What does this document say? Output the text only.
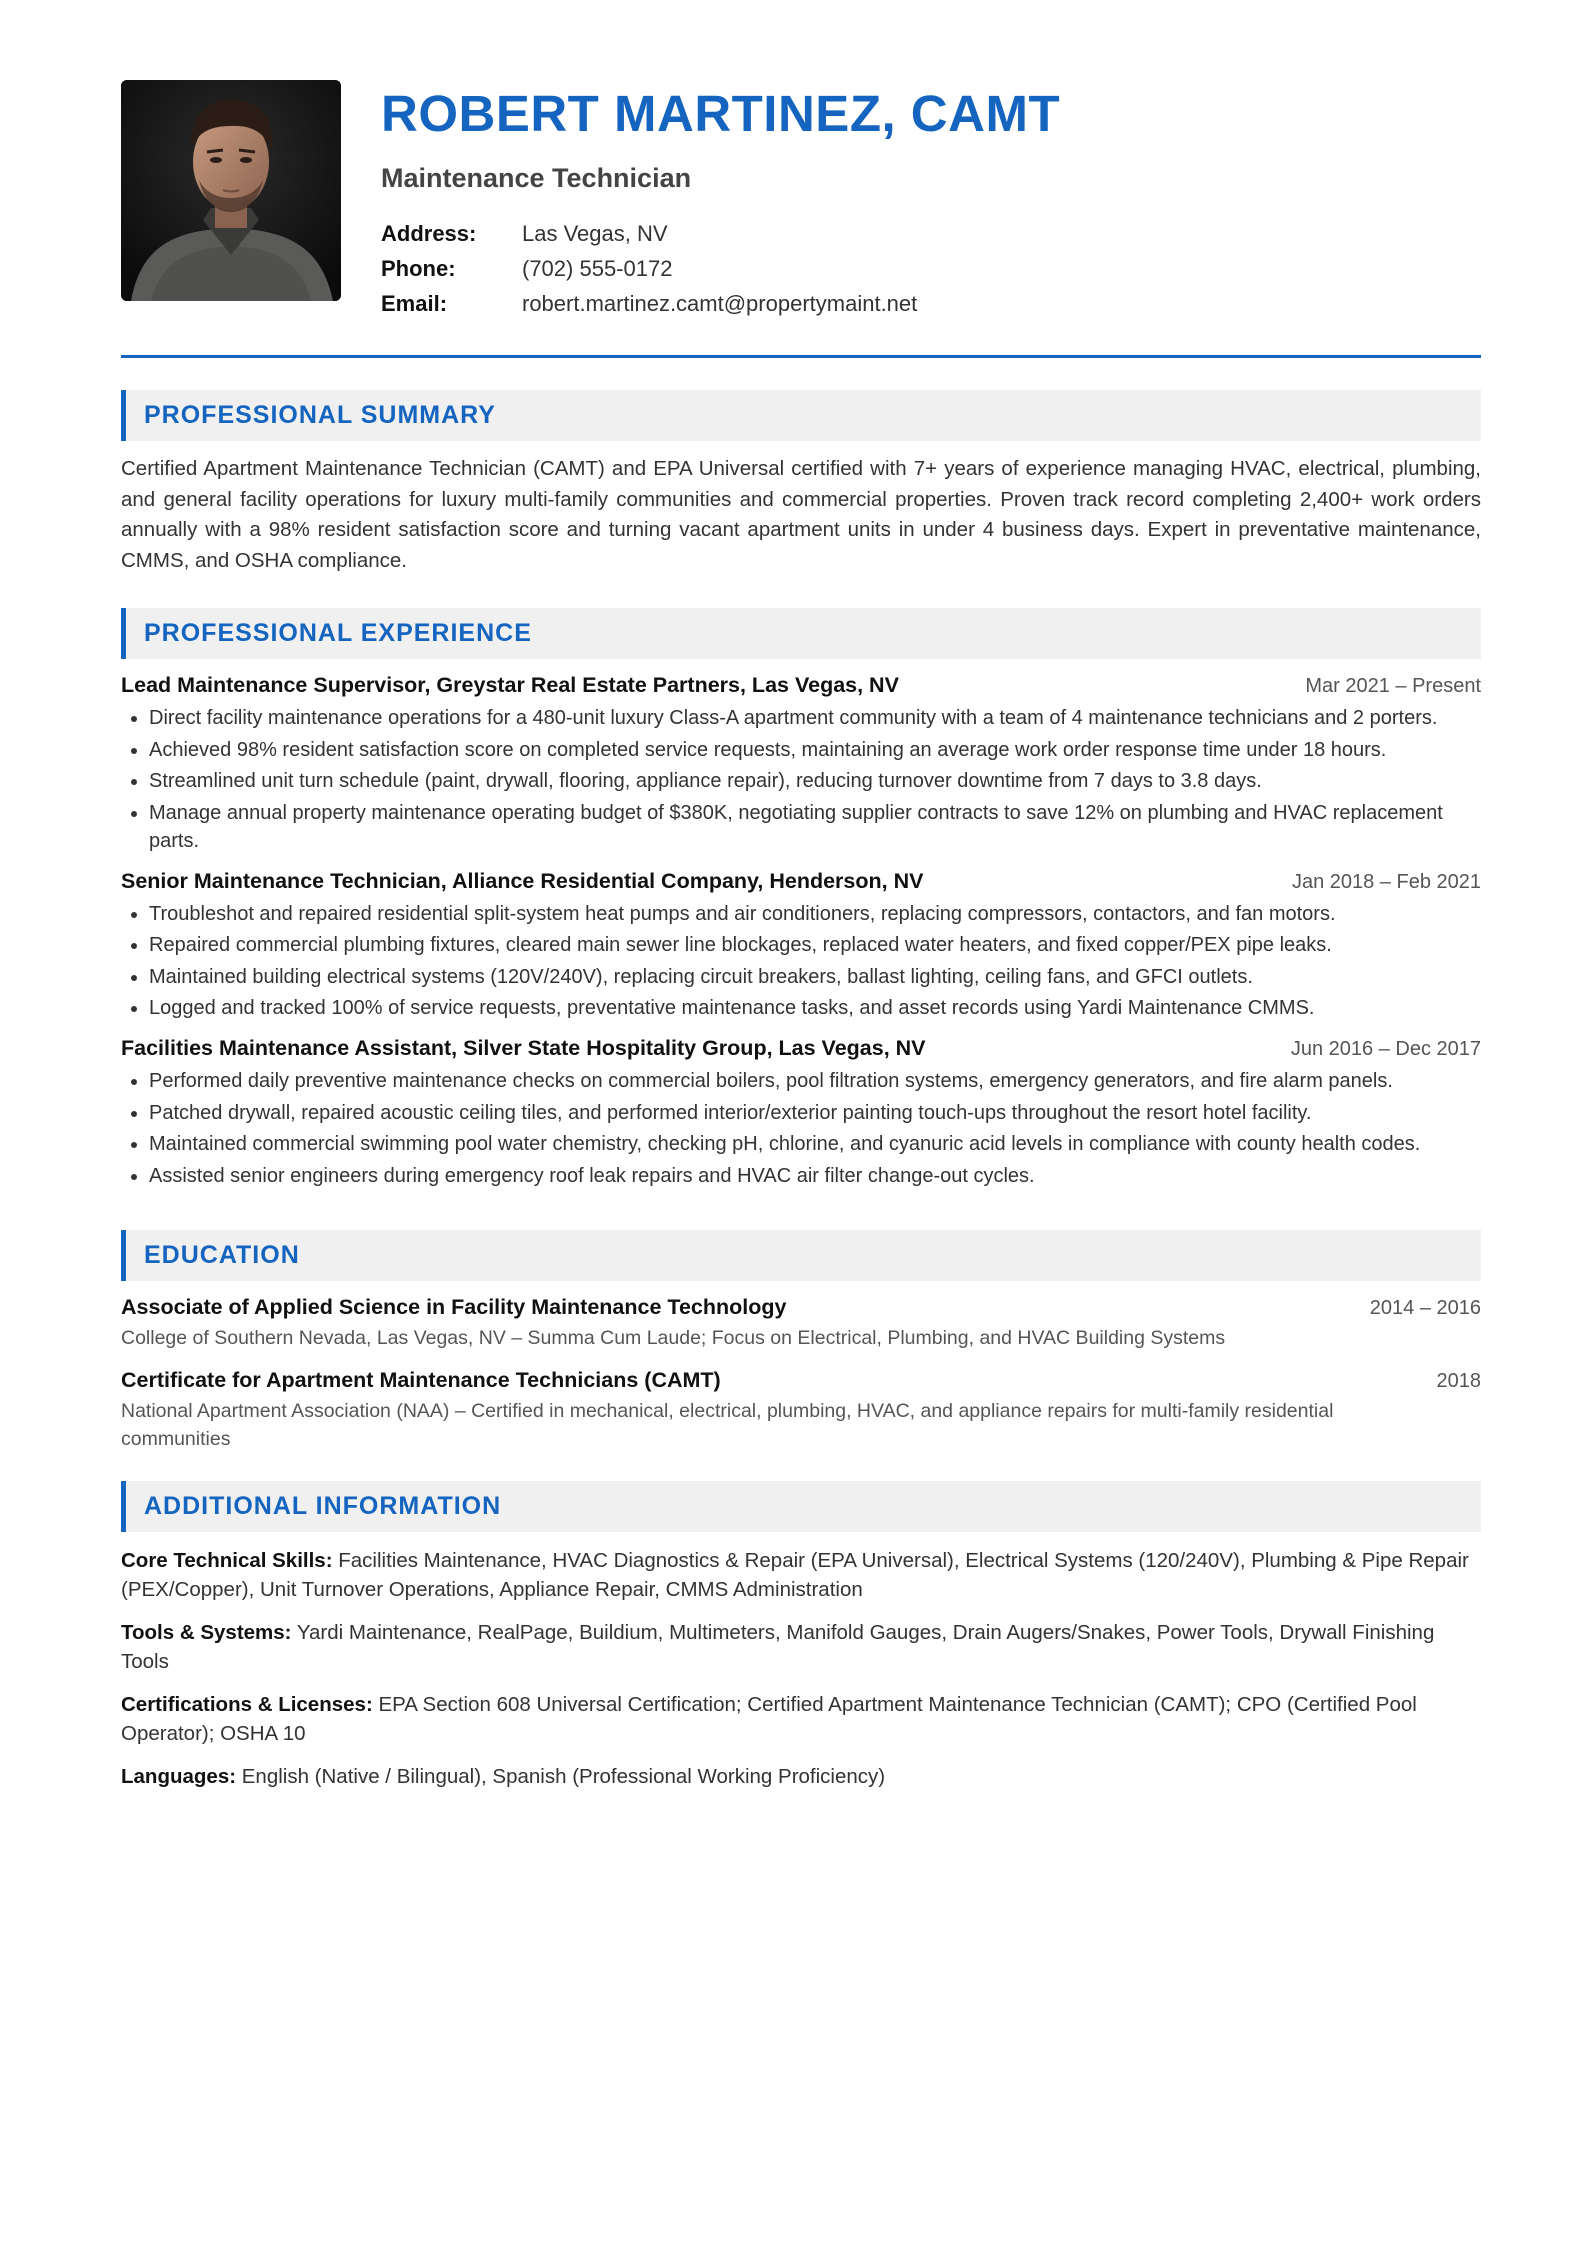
ROBERT MARTINEZ, CAMT
Maintenance Technician
Address:	Las Vegas, NV
Phone:	(702) 555-0172
Email:	robert.martinez.camt@propertymaint.net
PROFESSIONAL SUMMARY
Certified Apartment Maintenance Technician (CAMT) and EPA Universal certified with 7+ years of experience managing HVAC, electrical, plumbing, and general facility operations for luxury multi-family communities and commercial properties. Proven track record completing 2,400+ work orders annually with a 98% resident satisfaction score and turning vacant apartment units in under 4 business days. Expert in preventative maintenance, CMMS, and OSHA compliance.
PROFESSIONAL EXPERIENCE
Lead Maintenance Supervisor, Greystar Real Estate Partners, Las Vegas, NV	Mar 2021 – Present
• Direct facility maintenance operations for a 480-unit luxury Class-A apartment community with a team of 4 maintenance technicians and 2 porters.
• Achieved 98% resident satisfaction score on completed service requests, maintaining an average work order response time under 18 hours.
• Streamlined unit turn schedule (paint, drywall, flooring, appliance repair), reducing turnover downtime from 7 days to 3.8 days.
• Manage annual property maintenance operating budget of $380K, negotiating supplier contracts to save 12% on plumbing and HVAC replacement parts.
Senior Maintenance Technician, Alliance Residential Company, Henderson, NV	Jan 2018 – Feb 2021
• Troubleshot and repaired residential split-system heat pumps and air conditioners, replacing compressors, contactors, and fan motors.
• Repaired commercial plumbing fixtures, cleared main sewer line blockages, replaced water heaters, and fixed copper/PEX pipe leaks.
• Maintained building electrical systems (120V/240V), replacing circuit breakers, ballast lighting, ceiling fans, and GFCI outlets.
• Logged and tracked 100% of service requests, preventative maintenance tasks, and asset records using Yardi Maintenance CMMS.
Facilities Maintenance Assistant, Silver State Hospitality Group, Las Vegas, NV	Jun 2016 – Dec 2017
• Performed daily preventive maintenance checks on commercial boilers, pool filtration systems, emergency generators, and fire alarm panels.
• Patched drywall, repaired acoustic ceiling tiles, and performed interior/exterior painting touch-ups throughout the resort hotel facility.
• Maintained commercial swimming pool water chemistry, checking pH, chlorine, and cyanuric acid levels in compliance with county health codes.
• Assisted senior engineers during emergency roof leak repairs and HVAC air filter change-out cycles.
EDUCATION
Associate of Applied Science in Facility Maintenance Technology	2014 – 2016
College of Southern Nevada, Las Vegas, NV – Summa Cum Laude; Focus on Electrical, Plumbing, and HVAC Building Systems
Certificate for Apartment Maintenance Technicians (CAMT)	2018
National Apartment Association (NAA) – Certified in mechanical, electrical, plumbing, HVAC, and appliance repairs for multi-family residential communities
ADDITIONAL INFORMATION
Core Technical Skills: Facilities Maintenance, HVAC Diagnostics & Repair (EPA Universal), Electrical Systems (120/240V), Plumbing & Pipe Repair (PEX/Copper), Unit Turnover Operations, Appliance Repair, CMMS Administration
Tools & Systems: Yardi Maintenance, RealPage, Buildium, Multimeters, Manifold Gauges, Drain Augers/Snakes, Power Tools, Drywall Finishing Tools
Certifications & Licenses: EPA Section 608 Universal Certification; Certified Apartment Maintenance Technician (CAMT); CPO (Certified Pool Operator); OSHA 10
Languages: English (Native / Bilingual), Spanish (Professional Working Proficiency)
